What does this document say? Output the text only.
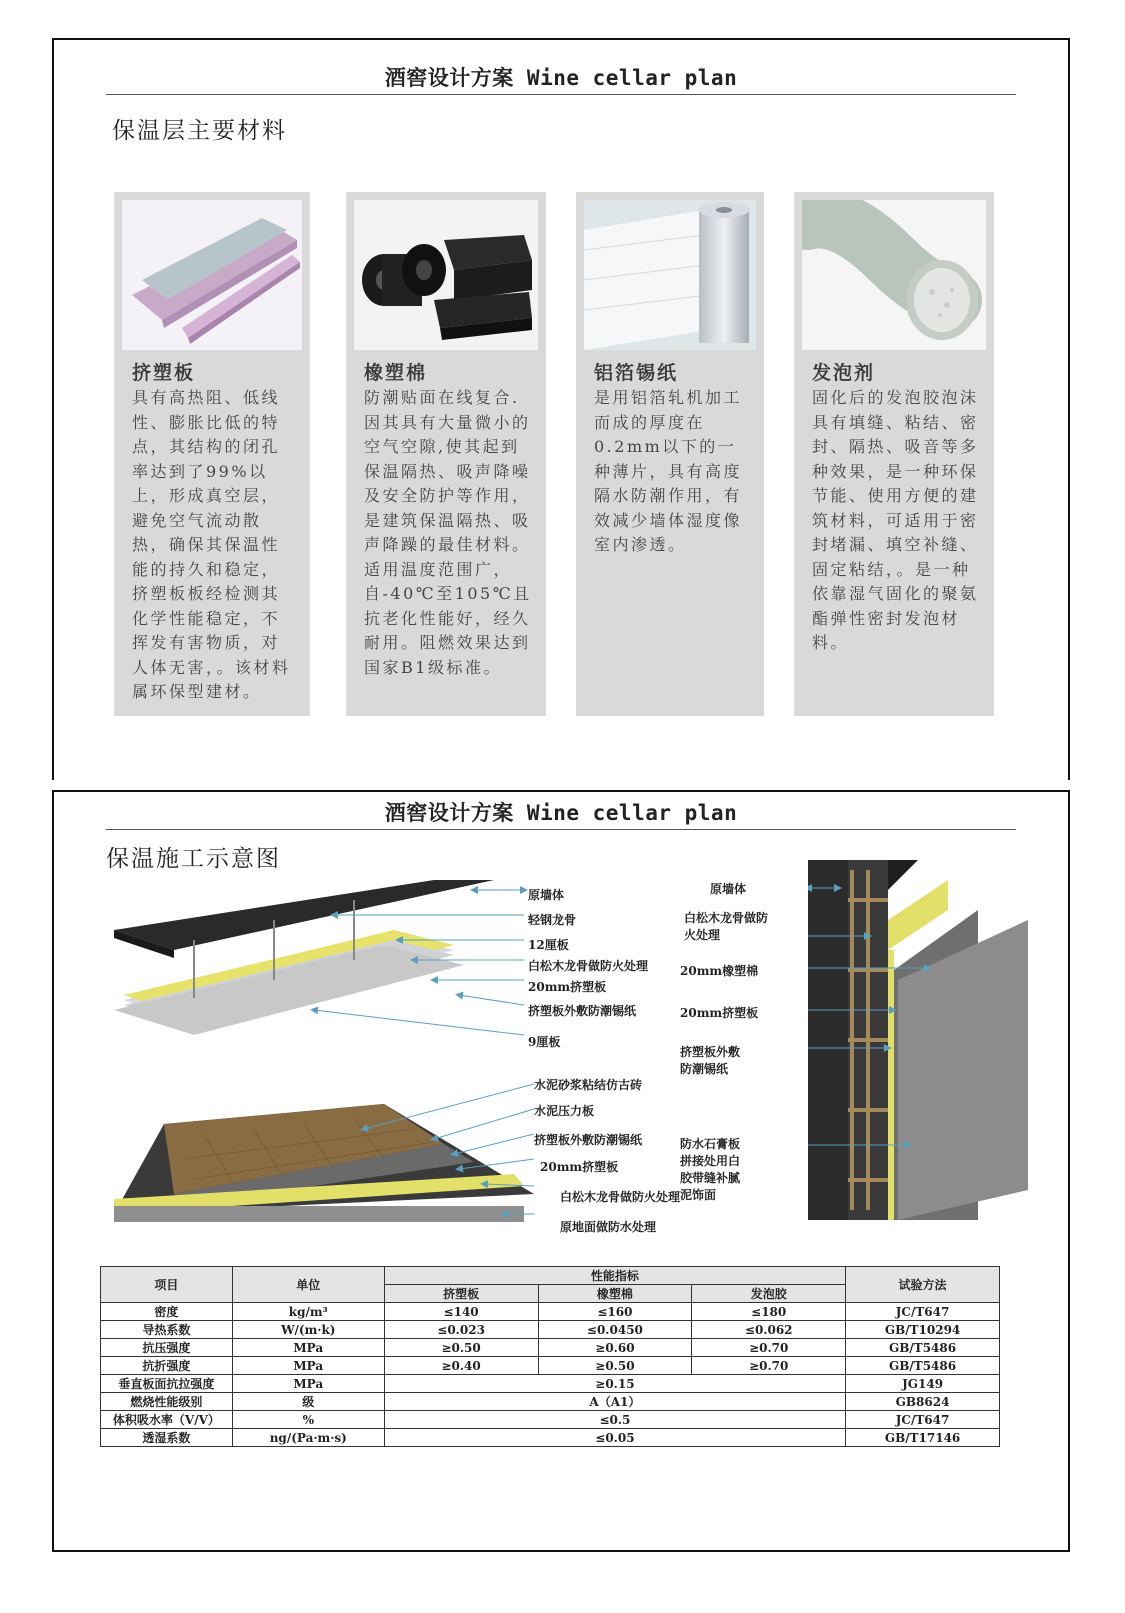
酒窖设计方案 Wine cellar plan
保温层主要材料
挤塑板
具有高热阻、低线性、膨胀比低的特点，其结构的闭孔率达到了99%以上，形成真空层，避免空气流动散热，确保其保温性能的持久和稳定，挤塑板板经检测其化学性能稳定，不挥发有害物质，对人体无害，。该材料属环保型建材。
橡塑棉
防潮贴面在线复合.因其具有大量微小的空气空隙,使其起到保温隔热、吸声降噪及安全防护等作用，是建筑保温隔热、吸声降躁的最佳材料。适用温度范围广， 自-40℃至105℃且抗老化性能好，经久耐用。阻燃效果达到国家B1级标准。
铝箔锡纸
是用铝箔轧机加工而成的厚度在0.2mm以下的一种薄片，具有高度隔水防潮作用，有效减少墙体湿度像室内渗透。
发泡剂
固化后的发泡胶泡沫具有填缝、粘结、密封、隔热、吸音等多种效果，是一种环保节能、使用方便的建筑材料，可适用于密封堵漏、填空补缝、固定粘结，。是一种依靠湿气固化的聚氨酯弹性密封发泡材料。
酒窖设计方案 Wine cellar plan
保温施工示意图
原墙体
轻钢龙骨
12厘板
白松木龙骨做防火处理
20mm挤塑板
挤塑板外敷防潮锡纸
9厘板
水泥砂浆粘结仿古砖
水泥压力板
挤塑板外敷防潮锡纸
20mm挤塑板
白松木龙骨做防火处理
原地面做防水处理
原墙体
白松木龙骨做防火处理
20mm橡塑棉
20mm挤塑板
挤塑板外敷防潮锡纸
防水石膏板拼接处用白胶带缝补腻泥饰面
项目	单位	性能指标			试验方法
		挤塑板	橡塑棉	发泡胶	
密度	kg/m³	≤140	≤160	≤180	JC/T647
导热系数	W/(m·k)	≤0.023	≤0.0450	≤0.062	GB/T10294
抗压强度	MPa	≥0.50	≥0.60	≥0.70	GB/T5486
抗折强度	MPa	≥0.40	≥0.50	≥0.70	GB/T5486
垂直板面抗拉强度	MPa	≥0.15			JG149
燃烧性能级别	级	A（A1）			GB8624
体积吸水率（V/V）	%	≤0.5			JC/T647
透湿系数	ng/(Pa·m·s)	≤0.05			GB/T17146
